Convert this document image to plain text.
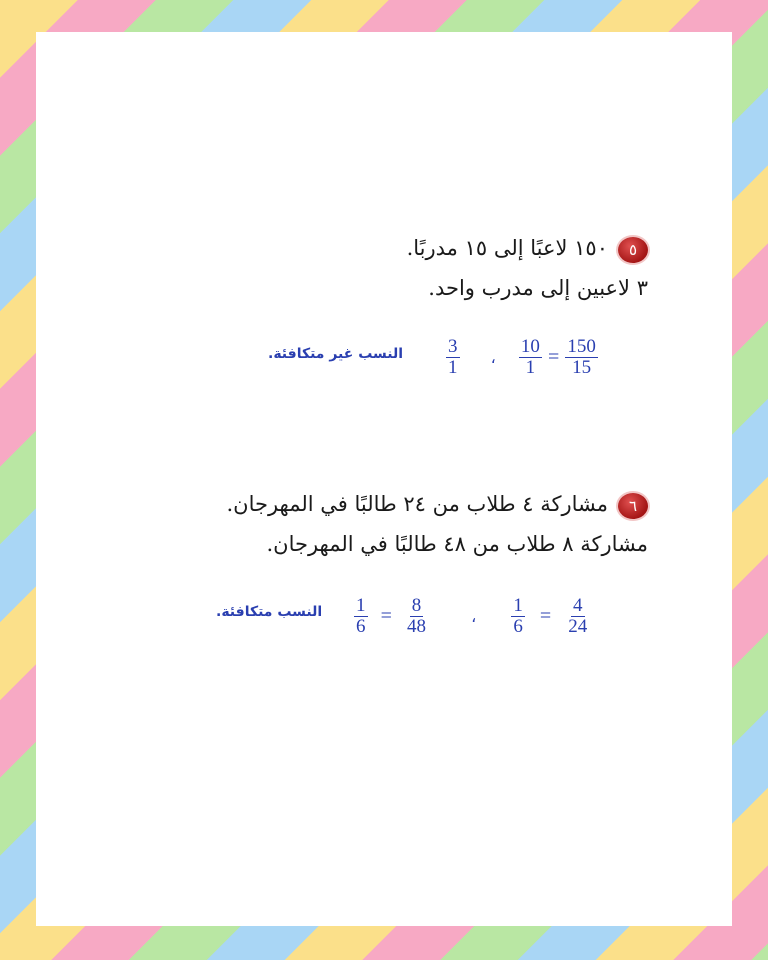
٥١٥٠ لاعبًا إلى ١٥ مدربًا.
٣ لاعبين إلى مدرب واحد.
$\frac{3}{1}$ ، $\frac{10}{1} = \frac{150}{15}$
النسب غير متكافئة.
٦مشاركة ٤ طلاب من ٢٤ طالبًا في المهرجان.
مشاركة ٨ طلاب من ٤٨ طالبًا في المهرجان.
$\frac{1}{6} = \frac{8}{48}$	، $\frac{1}{6} = \frac{4}{24}$
النسب متكافئة.
